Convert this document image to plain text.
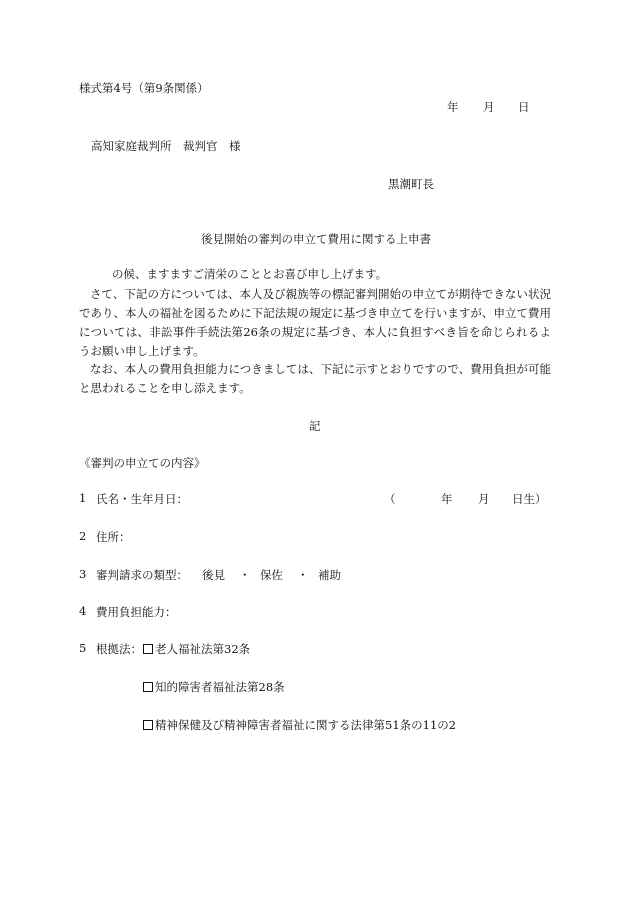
様式第4号（第9条関係）
年 月 日
高知家庭裁判所　裁判官　様
黒潮町長
後見開始の審判の申立て費用に関する上申書
の候、ますますご清栄のこととお喜び申し上げます。
さて、下記の方については、本人及び親族等の標記審判開始の申立てが期待できない状況であり、本人の福祉を図るために下記法規の規定に基づき申立てを行いますが、申立て費用については、非訟事件手続法第26条の規定に基づき、本人に負担すべき旨を命じられるようお願い申し上げます。
なお、本人の費用負担能力につきましては、下記に示すとおりですので、費用負担が可能と思われることを申し添えます。
記
《審判の申立ての内容》
1 氏名・生年月日：	（	年 月 日生）
2 住所：
3 審判請求の類型： 後見 ・ 保佐 ・ 補助
4 費用負担能力：
5 根拠法：	老人福祉法第32条
知的障害者福祉法第28条
精神保健及び精神障害者福祉に関する法律第51条の11の2
